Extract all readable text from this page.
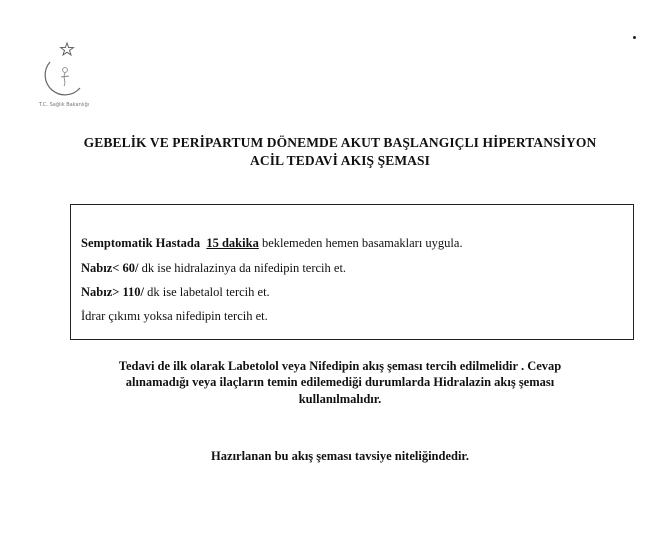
T.C. Sağlık Bakanlığı
GEBELİK VE PERİPARTUM DÖNEMDE AKUT BAŞLANGIÇLI HİPERTANSİYON
ACİL TEDAVİ AKIŞ ŞEMASI
Semptomatik Hastada 15 dakika beklemeden hemen basamakları uygula.
Nabız< 60/ dk ise hidralazinya da nifedipin tercih et.
Nabız> 110/ dk ise labetalol tercih et.
İdrar çıkımı yoksa nifedipin tercih et.
Tedavi de ilk olarak Labetolol veya Nifedipin akış şeması tercih edilmelidir . Cevap
alınamadığı veya ilaçların temin edilemediği durumlarda Hidralazin akış şeması
kullanılmalıdır.
Hazırlanan bu akış şeması tavsiye niteliğindedir.
